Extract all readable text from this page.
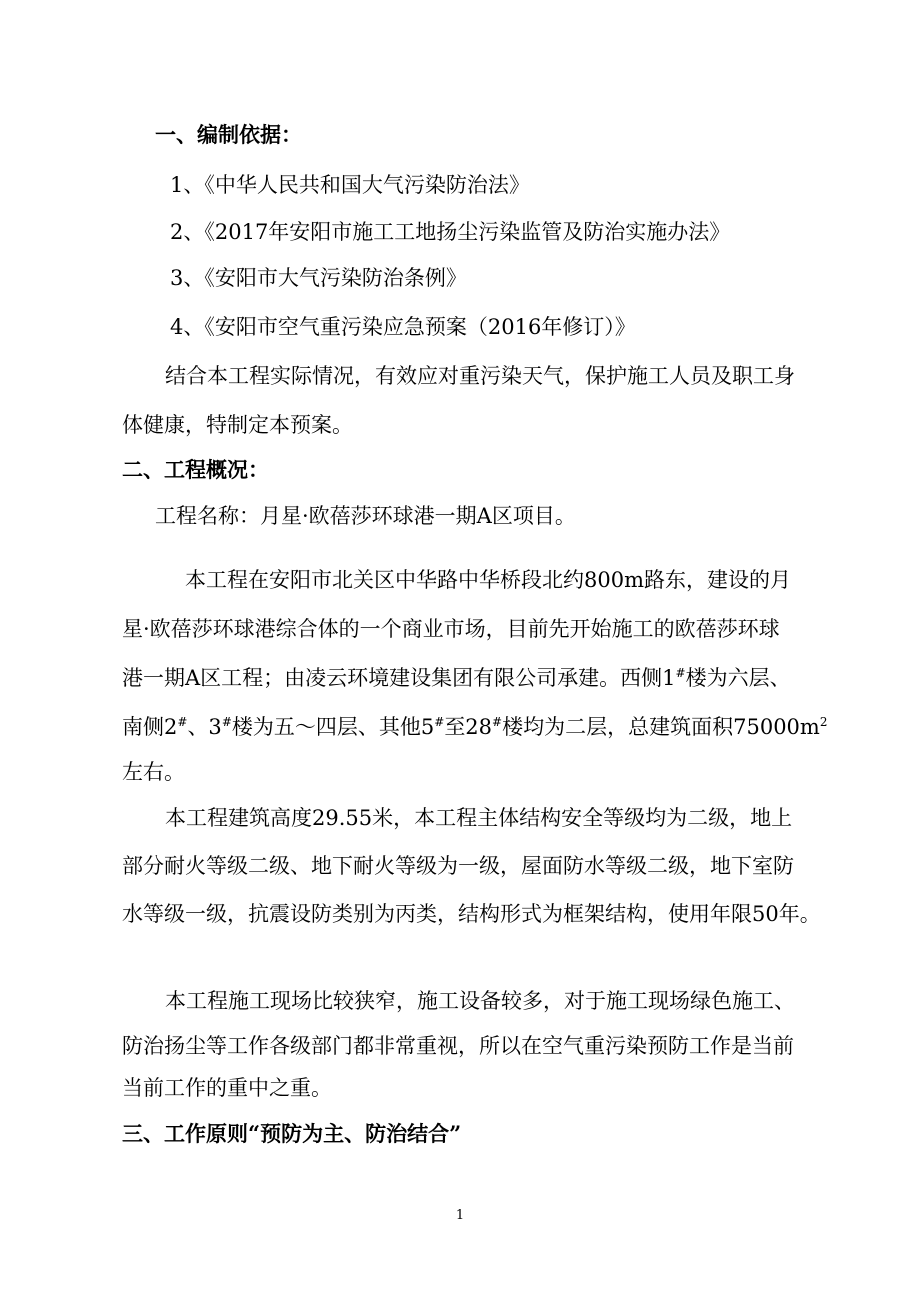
一、编制依据：
1、《中华人民共和国大气污染防治法》
2、《2017年安阳市施工工地扬尘污染监管及防治实施办法》
3、《安阳市大气污染防治条例》
4、《安阳市空气重污染应急预案（2016年修订）》
结合本工程实际情况，有效应对重污染天气，保护施工人员及职工身
体健康，特制定本预案。
二、工程概况：
工程名称：月星·欧蓓莎环球港一期A区项目。
本工程在安阳市北关区中华路中华桥段北约800m路东，建设的月
星·欧蓓莎环球港综合体的一个商业市场，目前先开始施工的欧蓓莎环球
港一期A区工程；由凌云环境建设集团有限公司承建。西侧1#楼为六层、
南侧2#、3#楼为五～四层、其他5#至28#楼均为二层，总建筑面积$75000m^2$
左右。
本工程建筑高度29.55米，本工程主体结构安全等级均为二级，地上
部分耐火等级二级、地下耐火等级为一级，屋面防水等级二级，地下室防
水等级一级，抗震设防类别为丙类，结构形式为框架结构，使用年限50年。
本工程施工现场比较狭窄，施工设备较多，对于施工现场绿色施工、
防治扬尘等工作各级部门都非常重视，所以在空气重污染预防工作是当前
当前工作的重中之重。
三、工作原则“预防为主、防治结合”
1
